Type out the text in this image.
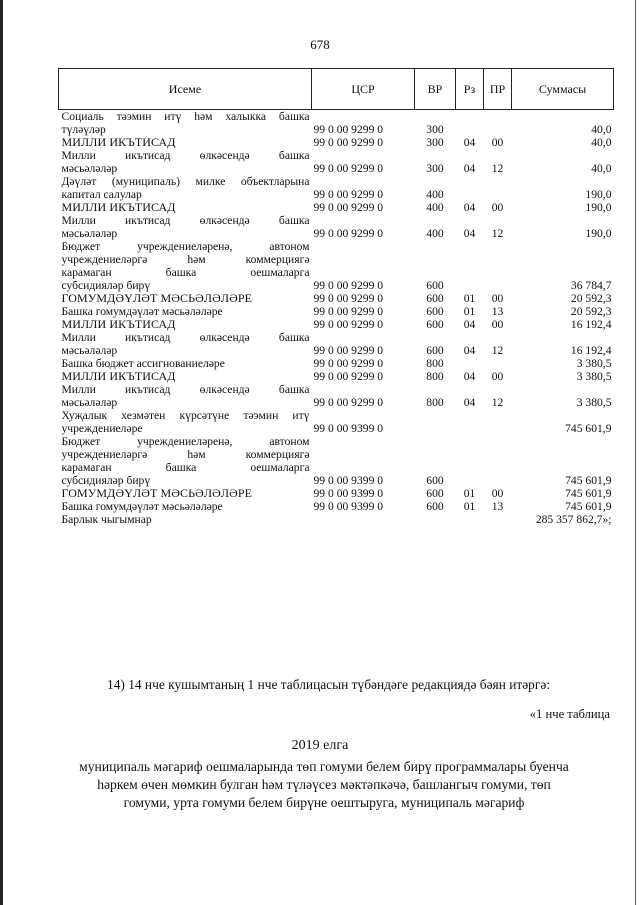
678
Исеме	ЦСР	ВР	Рз	ПР	Суммасы

Социаль тәэмин итү һәм халыкка башка
түләүләр	99 0 00 9299 0	300			40,0

МИЛЛИ ИКЪТИСАД	99 0 00 9299 0	300	04	00	40,0

Милли икътисад өлкәсендә башка
мәсьәләләр	99 0 00 9299 0	300	04	12	40,0

Дәүләт (муниципаль) милке объектларына
капитал салулар	99 0 00 9299 0	400			190,0

МИЛЛИ ИКЪТИСАД	99 0 00 9299 0	400	04	00	190,0

Милли икътисад өлкәсендә башка
мәсьәләләр	99 0 00 9299 0	400	04	12	190,0

Бюджет учреждениеләренә, автоном
учреждениеләргә һәм коммерциягә
карамаган башка оешмаларга
субсидияләр бирү	99 0 00 9299 0	600			36 784,7

ГОМУМДӘҮЛӘТ МӘСЬӘЛӘЛӘРЕ	99 0 00 9299 0	600	01	00	20 592,3

Башка гомумдәүләт мәсьәләләре	99 0 00 9299 0	600	01	13	20 592,3

МИЛЛИ ИКЪТИСАД	99 0 00 9299 0	600	04	00	16 192,4

Милли икътисад өлкәсендә башка
мәсьәләләр	99 0 00 9299 0	600	04	12	16 192,4

Башка бюджет ассигнованиеләре	99 0 00 9299 0	800			3 380,5

МИЛЛИ ИКЪТИСАД	99 0 00 9299 0	800	04	00	3 380,5

Милли икътисад өлкәсендә башка
мәсьәләләр	99 0 00 9299 0	800	04	12	3 380,5

Хуҗалык хезмәтен күрсәтүне тәэмин итү
учреждениеләре	99 0 00 9399 0				745 601,9

Бюджет учреждениеләренә, автоном
учреждениеләргә һәм коммерциягә
карамаган башка оешмаларга
субсидияләр бирү	99 0 00 9399 0	600			745 601,9

ГОМУМДӘҮЛӘТ МӘСЬӘЛӘЛӘРЕ	99 0 00 9399 0	600	01	00	745 601,9

Башка гомумдәүләт мәсьәләләре	99 0 00 9399 0	600	01	13	745 601,9

Барлык чыгымнар					285 357 862,7»;
14) 14 нче кушымтаның 1 нче таблицасын түбәндәге редакциядә бәян итәргә:
«1 нче таблица
2019 елга
муниципаль мәгариф оешмаларында төп гомуми белем бирү программалары буенча
һәркем өчен мөмкин булган һәм түләүсез мәктәпкәчә, башлангыч гомуми, төп
гомуми, урта гомуми белем бирүне оештыруга, муниципаль мәгариф
